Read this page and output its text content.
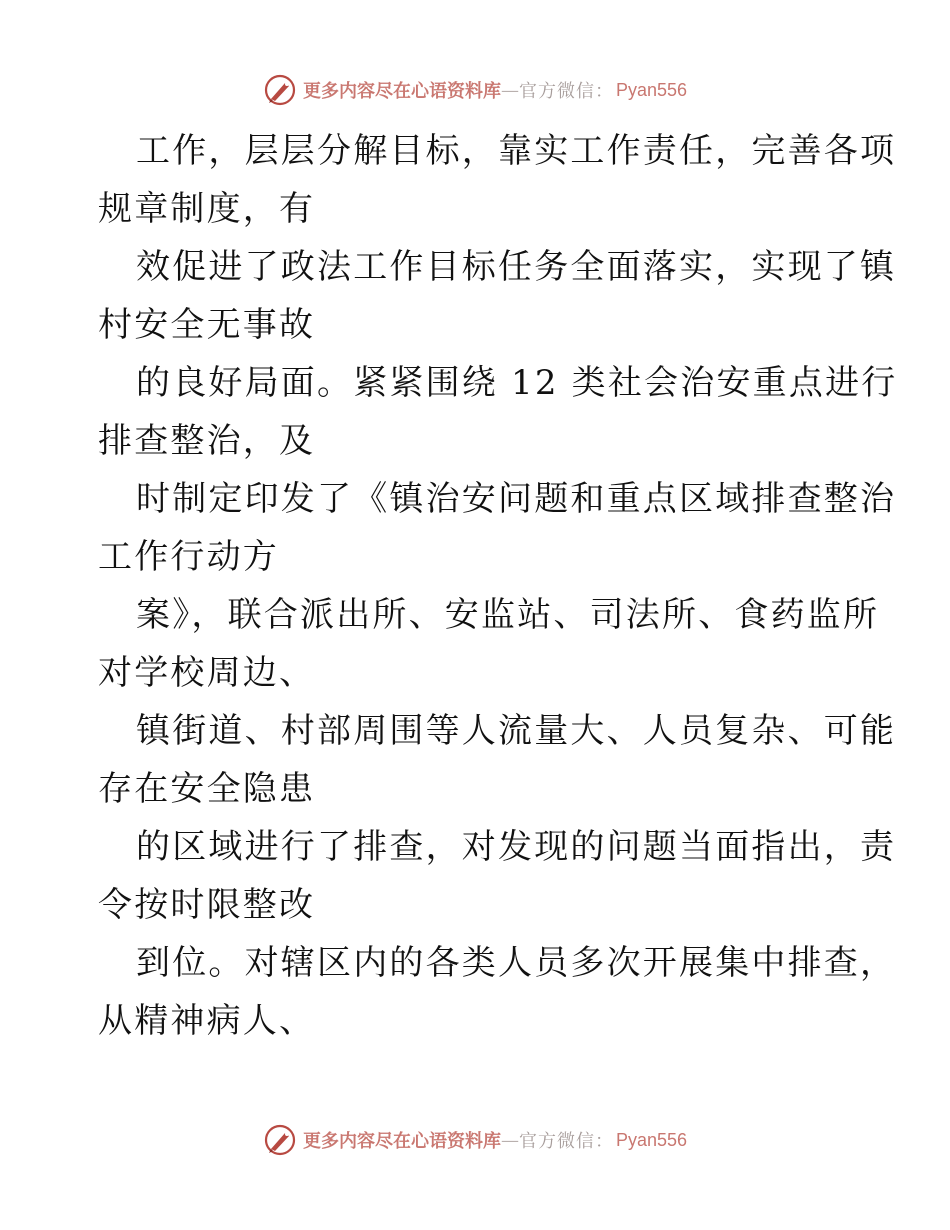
更多内容尽在心语资料库 — 官方微信： Pyan556
工作，层层分解目标，靠实工作责任，完善各项
规章制度，有
效促进了政法工作目标任务全面落实，实现了镇
村安全无事故
的良好局面。紧紧围绕 12 类社会治安重点进行
排查整治，及
时制定印发了《镇治安问题和重点区域排查整治
工作行动方
案》，联合派出所、安监站、司法所、食药监所
对学校周边、
镇街道、村部周围等人流量大、人员复杂、可能
存在安全隐患
的区域进行了排查，对发现的问题当面指出，责
令按时限整改
到位。对辖区内的各类人员多次开展集中排查，
从精神病人、
更多内容尽在心语资料库 — 官方微信： Pyan556
